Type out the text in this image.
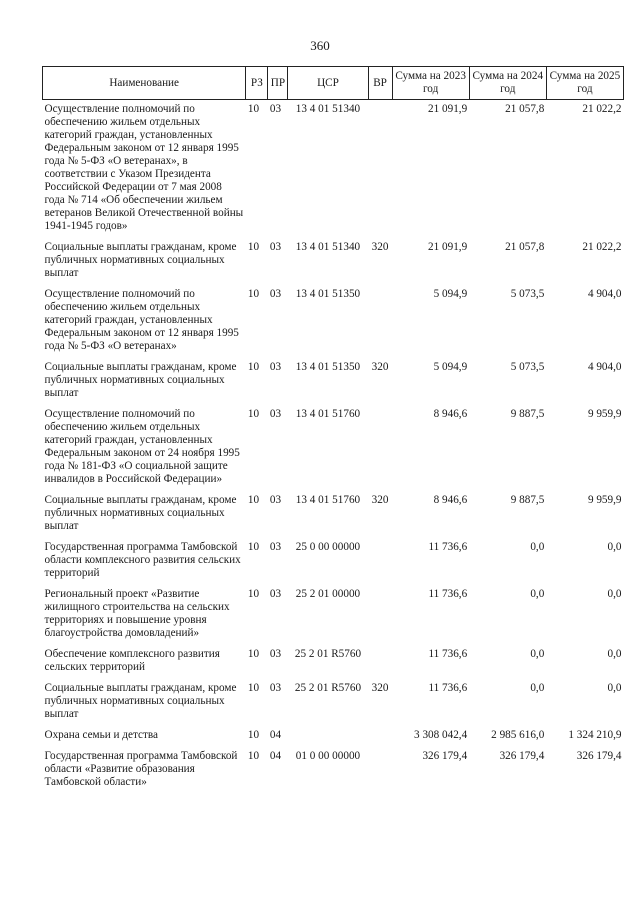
360
Наименование	РЗ	ПР	ЦСР	ВР	Сумма на 2023 год	Сумма на 2024 год	Сумма на 2025 год
Осуществление полномочий по обеспечению жильем отдельных категорий граждан, установленных Федеральным законом от 12 января 1995 года № 5-ФЗ «О ветеранах», в соответствии с Указом Президента Российской Федерации от 7 мая 2008 года № 714 «Об обеспечении жильем ветеранов Великой Отечественной войны 1941-1945 годов»	10	03	13 4 01 51340		21 091,9	21 057,8	21 022,2
Социальные выплаты гражданам, кроме публичных нормативных социальных выплат	10	03	13 4 01 51340	320	21 091,9	21 057,8	21 022,2
Осуществление полномочий по обеспечению жильем отдельных категорий граждан, установленных Федеральным законом от 12 января 1995 года № 5-ФЗ «О ветеранах»	10	03	13 4 01 51350		5 094,9	5 073,5	4 904,0
Социальные выплаты гражданам, кроме публичных нормативных социальных выплат	10	03	13 4 01 51350	320	5 094,9	5 073,5	4 904,0
Осуществление полномочий по обеспечению жильем отдельных категорий граждан, установленных Федеральным законом от 24 ноября 1995 года № 181-ФЗ «О социальной защите инвалидов в Российской Федерации»	10	03	13 4 01 51760		8 946,6	9 887,5	9 959,9
Социальные выплаты гражданам, кроме публичных нормативных социальных выплат	10	03	13 4 01 51760	320	8 946,6	9 887,5	9 959,9
Государственная программа Тамбовской области комплексного развития сельских территорий	10	03	25 0 00 00000		11 736,6	0,0	0,0
Региональный проект «Развитие жилищного строительства на сельских территориях и повышение уровня благоустройства домовладений»	10	03	25 2 01 00000		11 736,6	0,0	0,0
Обеспечение комплексного развития сельских территорий	10	03	25 2 01 R5760		11 736,6	0,0	0,0
Социальные выплаты гражданам, кроме публичных нормативных социальных выплат	10	03	25 2 01 R5760	320	11 736,6	0,0	0,0
Охрана семьи и детства	10	04			3 308 042,4	2 985 616,0	1 324 210,9
Государственная программа Тамбовской области «Развитие образования Тамбовской области»	10	04	01 0 00 00000		326 179,4	326 179,4	326 179,4
